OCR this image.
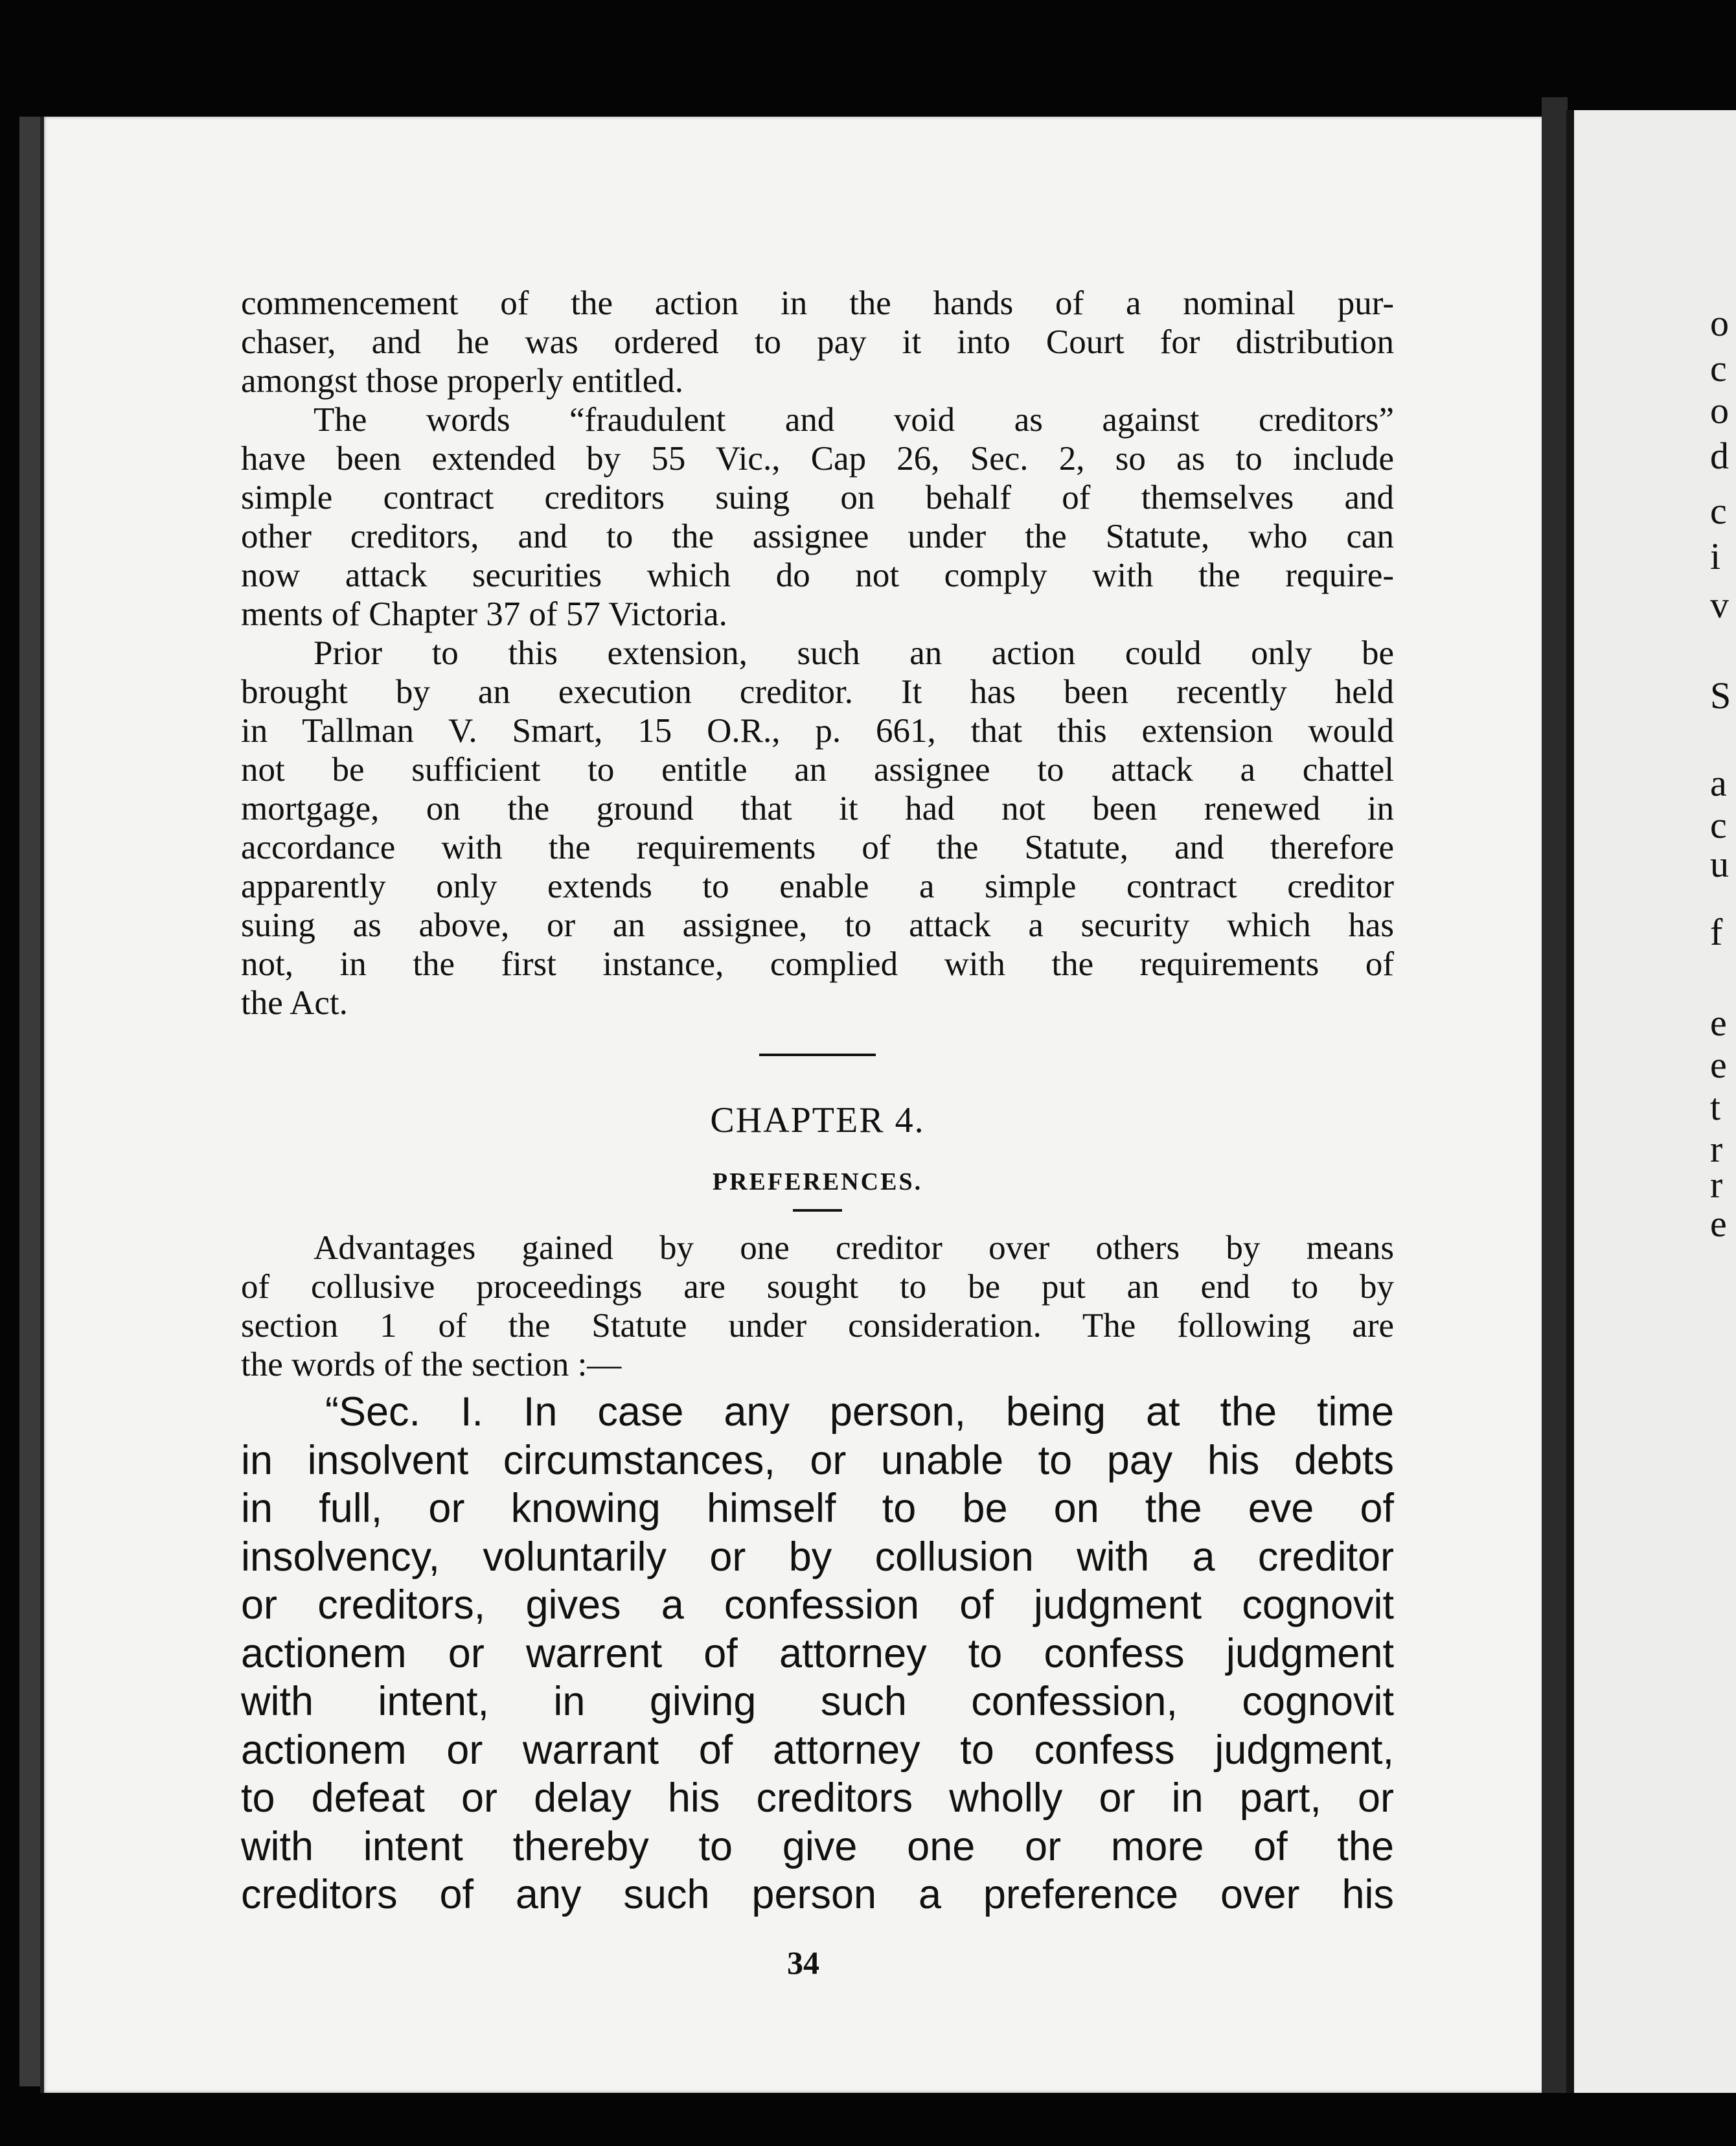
o
c
o
d
c
i
v
S
a
c
u
f
e
e
t
r
r
e
commencement of the action in the hands of a nominal pur-
chaser, and he was ordered to pay it into Court for distribution
amongst those properly entitled.
The words “fraudulent and void as against creditors”
have been extended by 55 Vic., Cap 26, Sec. 2, so as to include
simple contract creditors suing on behalf of themselves and
other creditors, and to the assignee under the Statute, who can
now attack securities which do not comply with the require-
ments of Chapter 37 of 57 Victoria.
Prior to this extension, such an action could only be
brought by an execution creditor. It has been recently held
in Tallman V. Smart, 15 O.R., p. 661, that this extension would
not be sufficient to entitle an assignee to attack a chattel
mortgage, on the ground that it had not been renewed in
accordance with the requirements of the Statute, and therefore
apparently only extends to enable a simple contract creditor
suing as above, or an assignee, to attack a security which has
not, in the first instance, complied with the requirements of
the Act.
CHAPTER 4.
PREFERENCES.
Advantages gained by one creditor over others by means
of collusive proceedings are sought to be put an end to by
section 1 of the Statute under consideration. The following are
the words of the section :—
“Sec. I. In case any person, being at the time
in insolvent circumstances, or unable to pay his debts
in full, or knowing himself to be on the eve of
insolvency, voluntarily or by collusion with a creditor
or creditors, gives a confession of judgment cognovit
actionem or warrent of attorney to confess judgment
with intent, in giving such confession, cognovit
actionem or warrant of attorney to confess judgment,
to defeat or delay his creditors wholly or in part, or
with intent thereby to give one or more of the
creditors of any such person a preference over his
34
